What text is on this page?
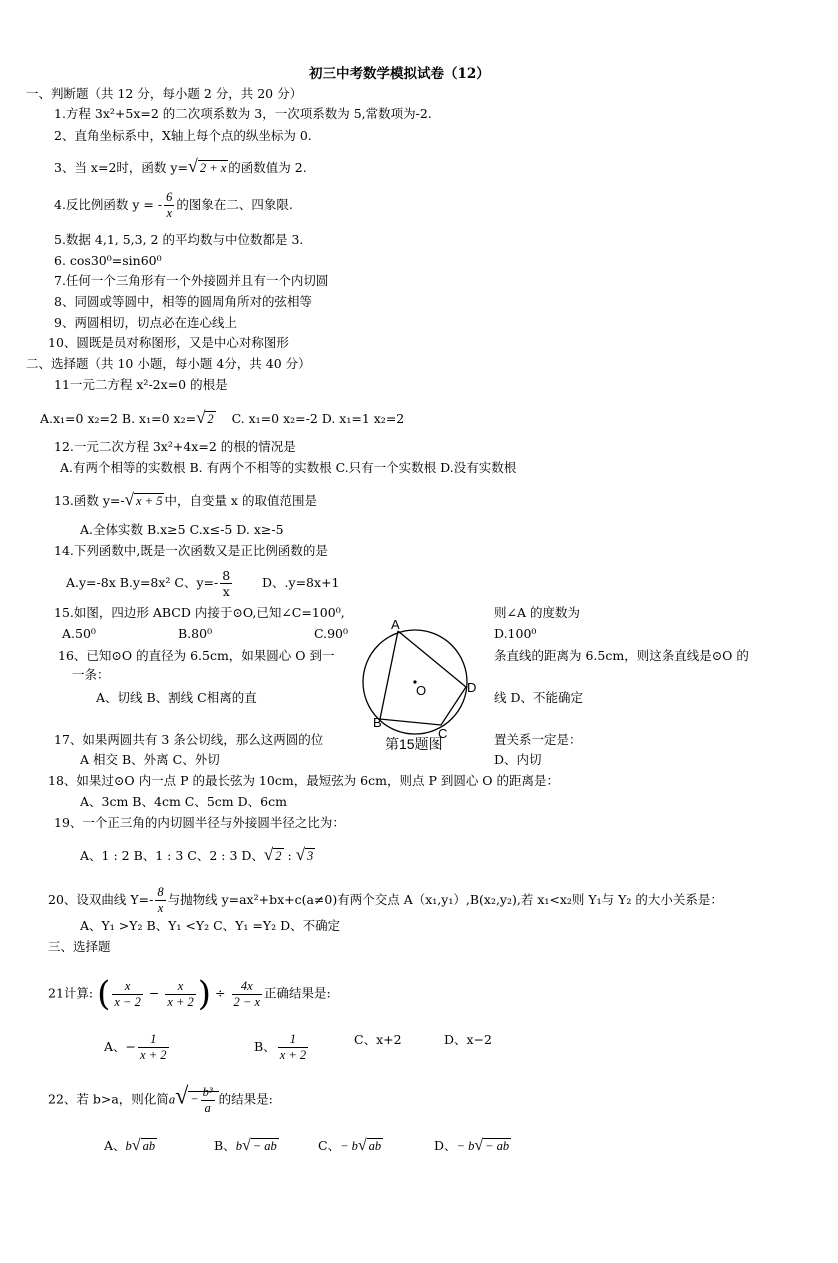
初三中考数学模拟试卷（12）
一、判断题（共 12 分，每小题 2 分，共 20 分）
1.方程 3x²+5x=2 的二次项系数为 3，一次项系数为 5,常数项为-2.
2、直角坐标系中，X轴上每个点的纵坐标为 0.
3、当 x=2时，函数 y=√ 2 + x 的函数值为 2.
4.反比例函数 y = - $\frac{6}{x}$ 的图象在二、四象限.
5.数据 4,1, 5,3, 2 的平均数与中位数都是 3.
6. cos30⁰=sin60⁰
7.任何一个三角形有一个外接圆并且有一个内切圆
8、同圆或等圆中，相等的圆周角所对的弦相等
9、两圆相切，切点必在连心线上
10、圆既是员对称图形，又是中心对称图形
二、选择题（共 10 小题，每小题 4分，共 40 分）
11一元二方程 x²-2x=0 的根是
A.x₁=0 x₂=2 B. x₁=0 x₂=√ 2 C. x₁=0 x₂=-2 D. x₁=1 x₂=2
12.一元二次方程 3x²+4x=2 的根的情况是
A.有两个相等的实数根 B. 有两个不相等的实数根 C.只有一个实数根 D.没有实数根
13.函数 y=-√ x + 5 中，自变量 x 的取值范围是
A.全体实数 B.x≥5 C.x≤-5 D. x≥-5
14.下列函数中,既是一次函数又是正比例函数的是
A.y=-8x B.y=8x² C、$y=- \frac{8}{x}$ D、.y=8x+1
15.如图，四边形 ABCD 内接于⊙O,已知∠C=100⁰,	则∠A 的度数为
A.50⁰	B.80⁰	C.90⁰	D.100⁰
16、已知⊙O 的直径为 6.5cm，如果圆心 O 到一	条直线的距离为 6.5cm，则这条直线是⊙O 的
一条：
A、切线 B、割线 C相离的直	线 D、不能确定
17、如果两圆共有 3 条公切线，那么这两圆的位	置关系一定是：
A 相交 B、外离 C、外切	D、内切
A
D
C
B
O
第15题图
18、如果过⊙O 内一点 P 的最长弦为 10cm，最短弦为 6cm，则点 P 到圆心 O 的距离是：
A、3cm B、4cm C、5cm D、6cm
19、一个正三角的内切圆半径与外接圆半径之比为：
A、1 : 2 B、1 : 3 C、2 : 3 D、√ 2 : √ 3
20、设双曲线 $Y=- \frac{8}{x}$ 与抛物线 y=ax²+bx+c(a≠0)有两个交点 A（x₁,y₁）,B(x₂,y₂),若 x₁<x₂则 Y₁与 Y₂ 的大小关系是：
A、Y₁ >Y₂ B、Y₁ <Y₂ C、Y₁ =Y₂ D、不确定
三、选择题
21计算: ( $\frac{x}{x - 2} - \frac{x}{x + 2}$ ) ÷ $\frac{4x}{2 - x}$ 正确结果是:
A、− $\frac{1}{x + 2}$	B、 $\frac{1}{x + 2}$	C、x+2	D、x−2
22、若 b>a，则化简$a√ - \frac{\text{b³}}{a}$ 的结果是:
A、b√ ab	B、b√ − ab	C、− b√ ab	D、− b√ − ab
